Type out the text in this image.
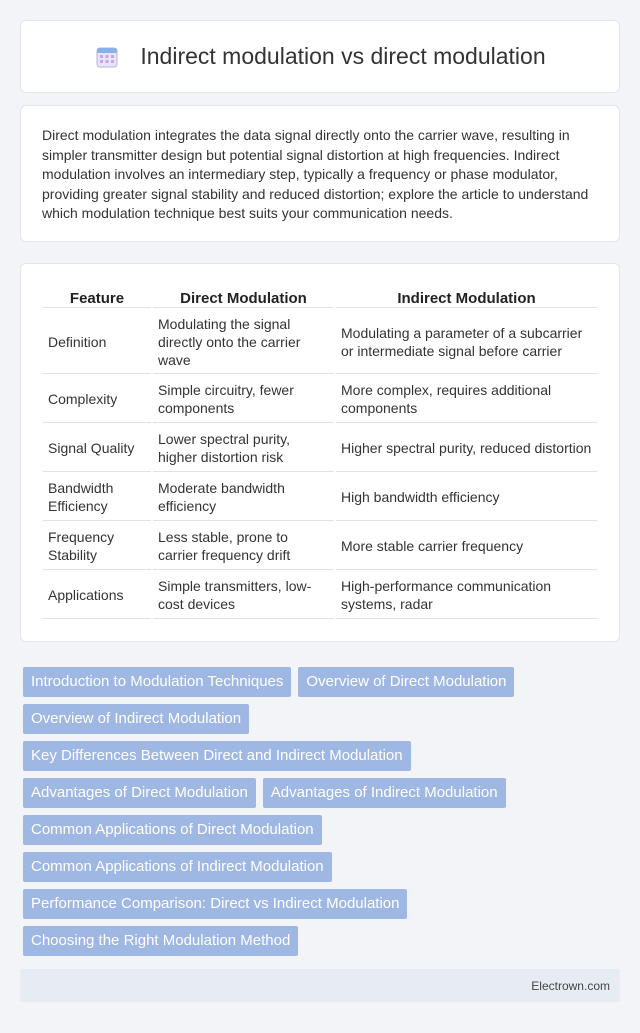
Indirect modulation vs direct modulation

Direct modulation integrates the data signal directly onto the carrier wave, resulting in simpler transmitter design but potential signal distortion at high frequencies. Indirect modulation involves an intermediary step, typically a frequency or phase modulator, providing greater signal stability and reduced distortion; explore the article to understand which modulation technique best suits your communication needs.

Feature	Direct Modulation	Indirect Modulation
Definition	Modulating the signal directly onto the carrier wave	Modulating a parameter of a subcarrier or intermediate signal before carrier
Complexity	Simple circuitry, fewer components	More complex, requires additional components
Signal Quality	Lower spectral purity, higher distortion risk	Higher spectral purity, reduced distortion
Bandwidth Efficiency	Moderate bandwidth efficiency	High bandwidth efficiency
Frequency Stability	Less stable, prone to carrier frequency drift	More stable carrier frequency
Applications	Simple transmitters, low-cost devices	High-performance communication systems, radar
Introduction to Modulation Techniques	Overview of Direct Modulation
Overview of Indirect Modulation
Key Differences Between Direct and Indirect Modulation
Advantages of Direct Modulation	Advantages of Indirect Modulation
Common Applications of Direct Modulation
Common Applications of Indirect Modulation
Performance Comparison: Direct vs Indirect Modulation
Choosing the Right Modulation Method
Electrown.com
